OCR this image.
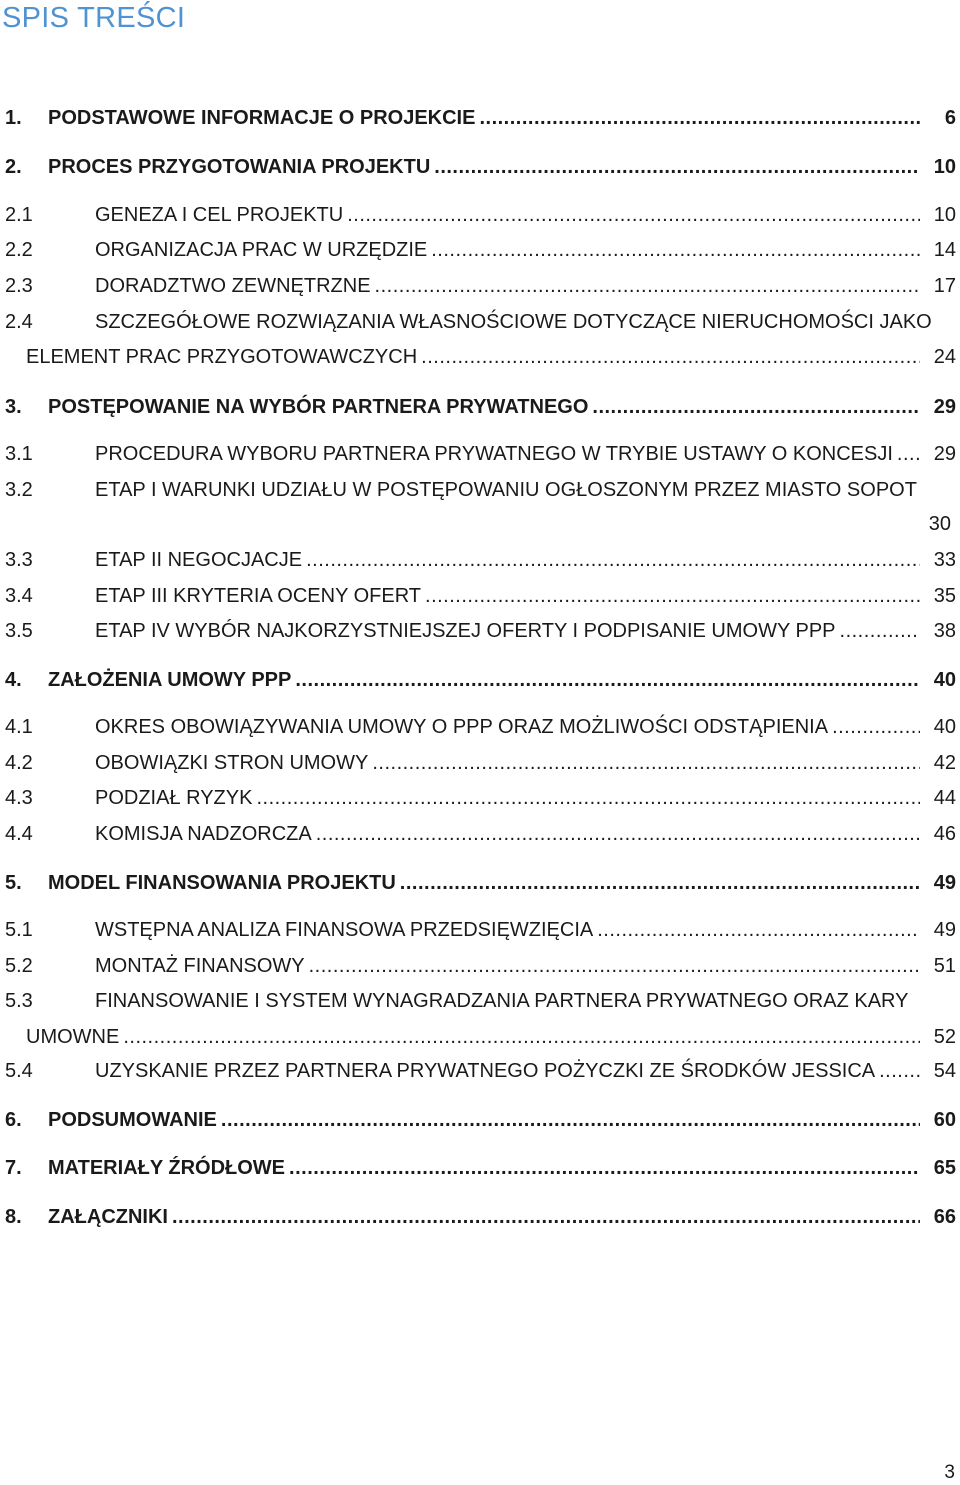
SPIS TREŚCI
1. PODSTAWOWE INFORMACJE O PROJEKCIE .....	6
2. PROCES PRZYGOTOWANIA PROJEKTU .....	10
2.1	GENEZA I CEL PROJEKTU .....	10
2.2	ORGANIZACJA PRAC W URZĘDZIE .....	14
2.3	DORADZTWO ZEWNĘTRZNE .....	17
2.4	SZCZEGÓŁOWE ROZWIĄZANIA WŁASNOŚCIOWE DOTYCZĄCE NIERUCHOMOŚCI JAKO
ELEMENT PRAC PRZYGOTOWAWCZYCH .....	24
3. POSTĘPOWANIE NA WYBÓR PARTNERA PRYWATNEGO .....	29
3.1	PROCEDURA WYBORU PARTNERA PRYWATNEGO W TRYBIE USTAWY O KONCESJI ..... 29
3.2	ETAP I WARUNKI UDZIAŁU W POSTĘPOWANIU OGŁOSZONYM PRZEZ MIASTO SOPOT
30
3.3	ETAP II NEGOCJACJE .....	33
3.4	ETAP III KRYTERIA OCENY OFERT .....	35
3.5	ETAP IV WYBÓR NAJKORZYSTNIEJSZEJ OFERTY I PODPISANIE UMOWY PPP .....	38
4. ZAŁOŻENIA UMOWY PPP .....	40
4.1	OKRES OBOWIĄZYWANIA UMOWY O PPP ORAZ MOŻLIWOŚCI ODSTĄPIENIA .....	40
4.2	OBOWIĄZKI STRON UMOWY .....	42
4.3	PODZIAŁ RYZYK .....	44
4.4	KOMISJA NADZORCZA .....	46
5. MODEL FINANSOWANIA PROJEKTU .....	49
5.1	WSTĘPNA ANALIZA FINANSOWA PRZEDSIĘWZIĘCIA .....	49
5.2	MONTAŻ FINANSOWY .....	51
5.3	FINANSOWANIE I SYSTEM WYNAGRADZANIA PARTNERA PRYWATNEGO ORAZ KARY
UMOWNE .....	52
5.4	UZYSKANIE PRZEZ PARTNERA PRYWATNEGO POŻYCZKI ZE ŚRODKÓW JESSICA .....	54
6. PODSUMOWANIE .....	60
7. MATERIAŁY ŹRÓDŁOWE .....	65
8. ZAŁĄCZNIKI .....	66
3
